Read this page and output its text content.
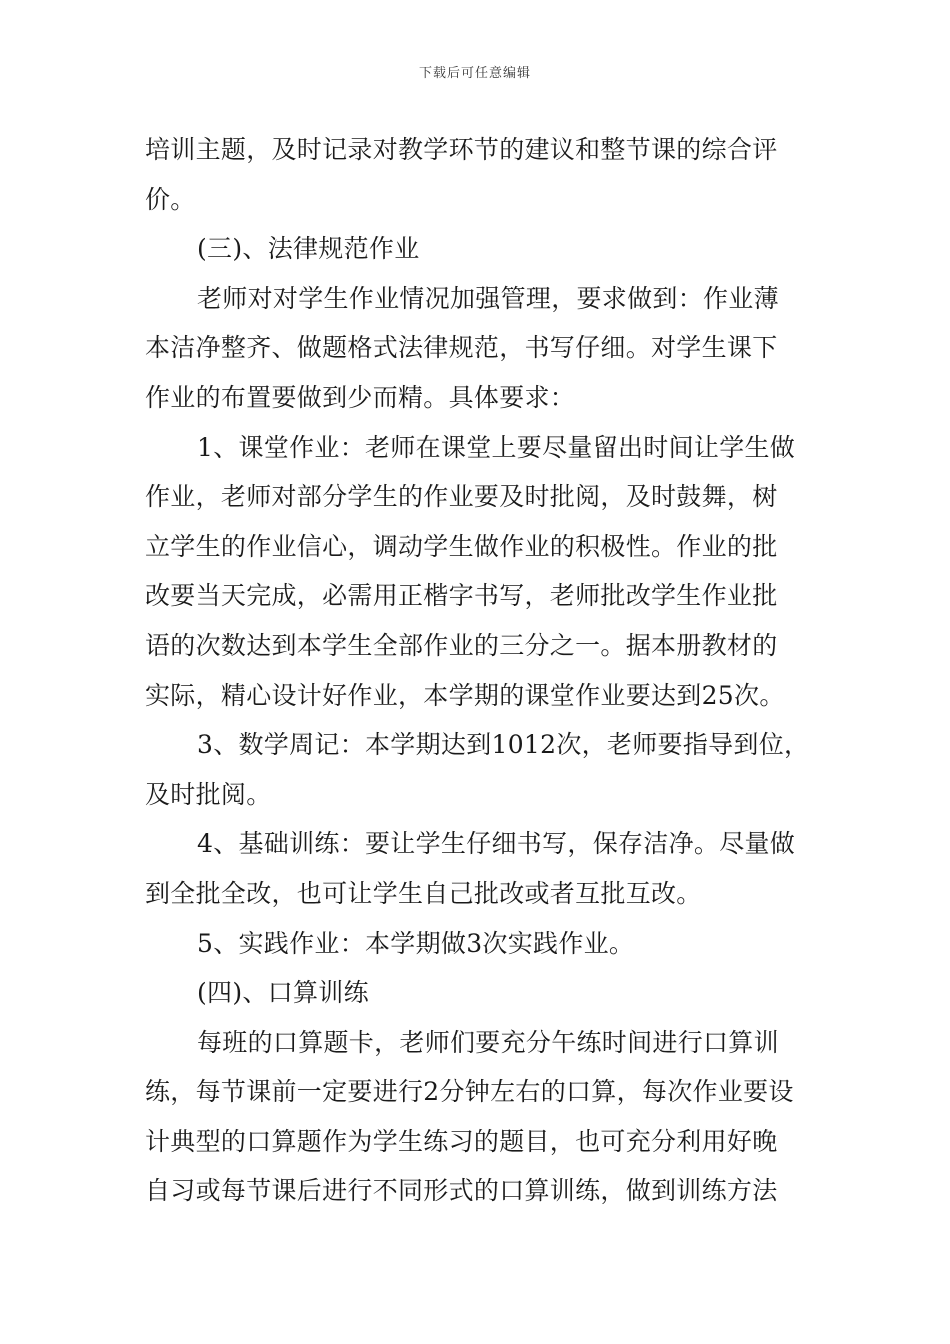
下载后可任意编辑
培训主题，及时记录对教学环节的建议和整节课的综合评
价。
(三)、法律规范作业
老师对对学生作业情况加强管理，要求做到：作业薄
本洁净整齐、做题格式法律规范，书写仔细。对学生课下
作业的布置要做到少而精。具体要求：
1、课堂作业：老师在课堂上要尽量留出时间让学生做
作业，老师对部分学生的作业要及时批阅，及时鼓舞，树
立学生的作业信心，调动学生做作业的积极性。作业的批
改要当天完成，必需用正楷字书写，老师批改学生作业批
语的次数达到本学生全部作业的三分之一。据本册教材的
实际，精心设计好作业，本学期的课堂作业要达到25次。
3、数学周记：本学期达到1012次，老师要指导到位，
及时批阅。
4、基础训练：要让学生仔细书写，保存洁净。尽量做
到全批全改，也可让学生自己批改或者互批互改。
5、实践作业：本学期做3次实践作业。
(四)、口算训练
每班的口算题卡，老师们要充分午练时间进行口算训
练，每节课前一定要进行2分钟左右的口算，每次作业要设
计典型的口算题作为学生练习的题目，也可充分利用好晚
自习或每节课后进行不同形式的口算训练，做到训练方法
